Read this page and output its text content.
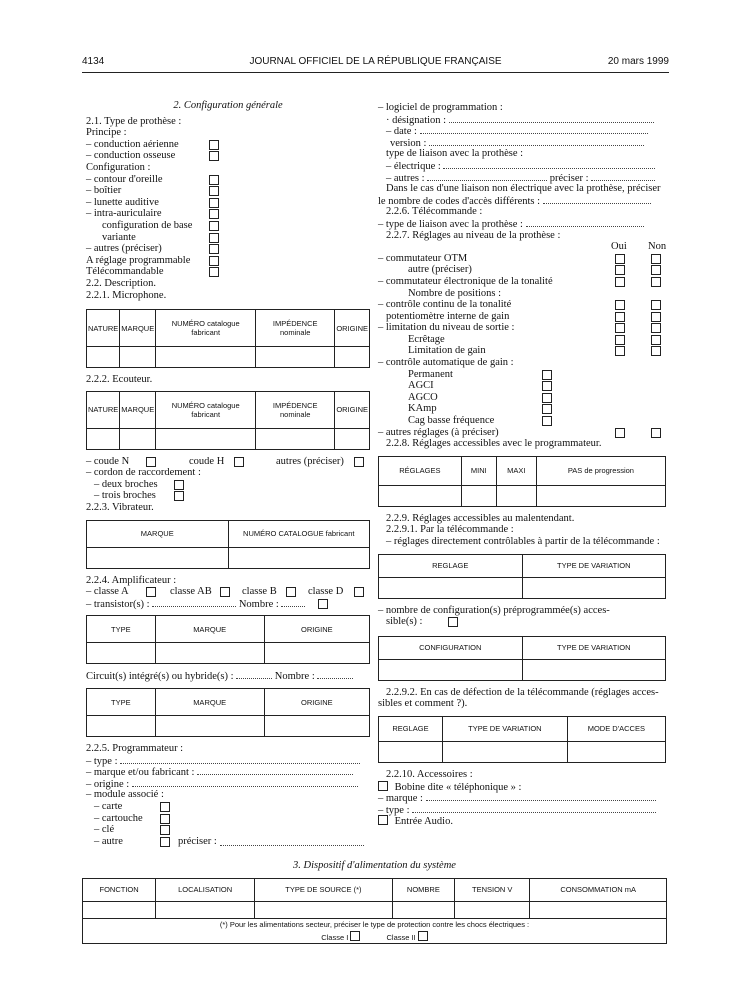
4134	JOURNAL OFFICIEL DE LA RÉPUBLIQUE FRANÇAISE	20 mars 1999
2. Configuration générale
2.1. Type de prothèse :
Principe :
– conduction aérienne
– conduction osseuse
Configuration :
– contour d'oreille
– boîtier
– lunette auditive
– intra-auriculaire
configuration de base
variante
– autres (préciser)
A réglage programmable
Télécommandable
2.2. Description.
2.2.1. Microphone.
NATURE	MARQUE	NUMÉRO catalogue fabricant	IMPÉDENCE nominale	ORIGINE

2.2.2. Ecouteur.
NATURE	MARQUE	NUMÉRO catalogue fabricant	IMPÉDENCE nominale	ORIGINE

– coude N	coude H	autres (préciser)
– cordon de raccordement :
– deux broches
– trois broches
2.2.3. Vibrateur.
MARQUE	NUMÉRO CATALOGUE fabricant

2.2.4. Amplificateur :
– classe A	classe AB	classe B	classe D
– transistor(s) :	Nombre :
TYPE	MARQUE	ORIGINE

Circuit(s) intégré(s) ou hybride(s) :	Nombre :
TYPE	MARQUE	ORIGINE

2.2.5. Programmateur :
– type :
– marque et/ou fabricant :
– origine :
– module associé :
– carte
– cartouche
– clé
– autre	préciser :
– logiciel de programmation :
· désignation :
– date :
version :
type de liaison avec la prothèse :
– électrique :
– autres :	préciser :
Dans le cas d'une liaison non électrique avec la prothèse, préciser
le nombre de codes d'accès différents :
2.2.6. Télécommande :
– type de liaison avec la prothèse :
2.2.7. Réglages au niveau de la prothèse :
Oui Non
– commutateur OTM
autre (préciser)
– commutateur électronique de la tonalité
Nombre de positions :
– contrôle continu de la tonalité
potentiomètre interne de gain
– limitation du niveau de sortie :
Ecrêtage
Limitation de gain
– contrôle automatique de gain :
Permanent
AGCI
AGCO
KAmp
Cag basse fréquence
– autres réglages (à préciser)
2.2.8. Réglages accessibles avec le programmateur.
RÉGLAGES	MINI	MAXI	PAS de progression

2.2.9. Réglages accessibles au malentendant.
2.2.9.1. Par la télécommande :
– réglages directement contrôlables à partir de la télécommande :
REGLAGE	TYPE DE VARIATION

– nombre de configuration(s) préprogrammée(s) acces-
sible(s) :
CONFIGURATION	TYPE DE VARIATION

2.2.9.2. En cas de défection de la télécommande (réglages acces-
sibles et comment ?).
REGLAGE	TYPE DE VARIATION	MODE D'ACCES

2.2.10. Accessoires :
Bobine dite « téléphonique » :
– marque :
– type :
Entrée Audio.
3. Dispositif d'alimentation du système
FONCTION	LOCALISATION	TYPE DE SOURCE (*)	NOMBRE	TENSION V	CONSOMMATION mA

(*) Pour les alimentations secteur, préciser le type de protection contre les chocs électriques :
Classe I Classe II					
